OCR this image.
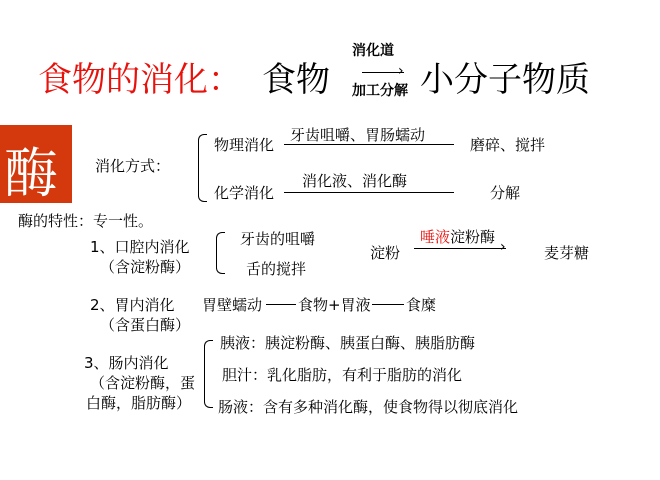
食物的消化： 食物
消化道
›
加工分解 小分子物质
酶 消化方式：
物理消化
牙齿咀嚼、胃肠蠕动
磨碎、搅拌
化学消化
消化液、消化酶
分解
酶的特性：专一性。
1、口腔内消化
（含淀粉酶）
牙齿的咀嚼
舌的搅拌
淀粉
唾液淀粉酶
›	麦芽糖
2、胃内消化
（含蛋白酶）
胃壁蠕动 食物+胃液 食糜
3、肠内消化
（含淀粉酶，蛋
白酶，脂肪酶）
胰液：胰淀粉酶、胰蛋白酶、胰脂肪酶
胆汁：乳化脂肪，有利于脂肪的消化
肠液：含有多种消化酶，使食物得以彻底消化
